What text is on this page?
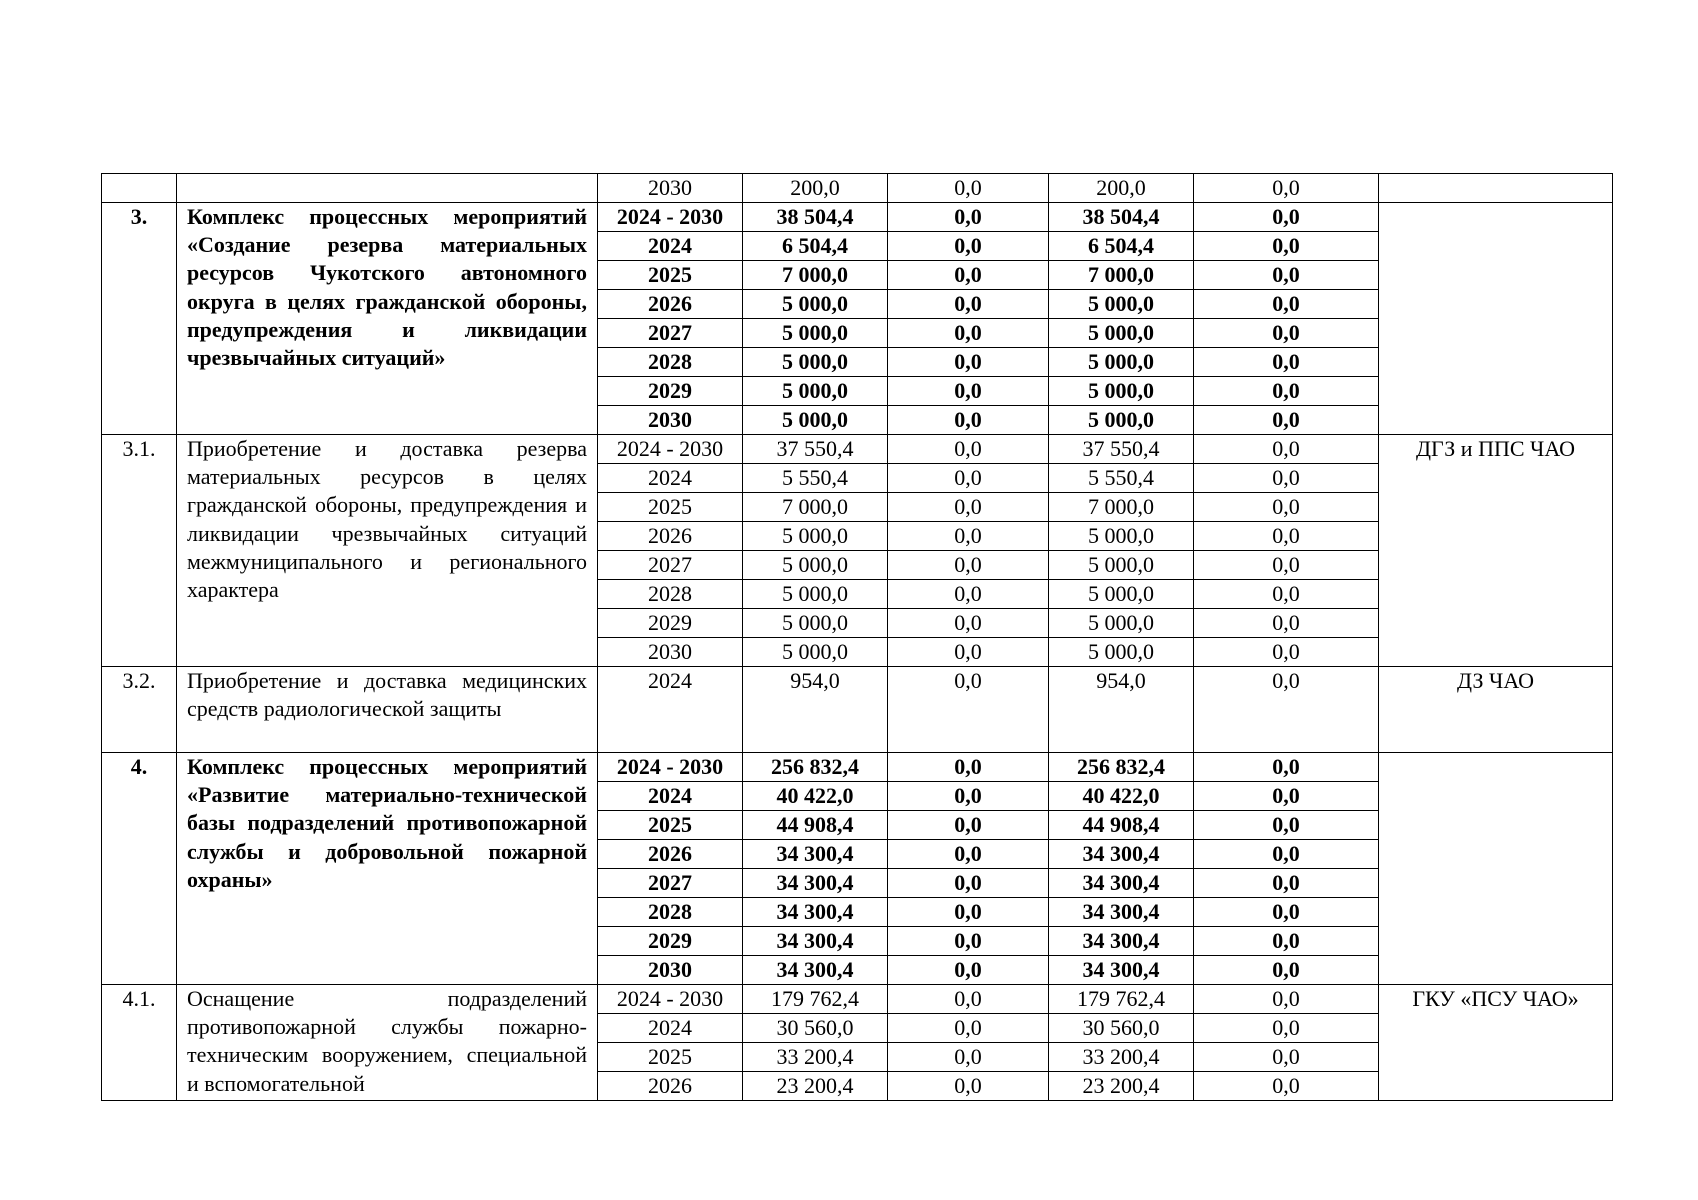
		2030	200,0	0,0	200,0	0,0	
3.	Комплекс процессных мероприятий «Создание резерва материальных ресурсов Чукотского автономного округа в целях гражданской обороны, предупреждения и ликвидации чрезвычайных ситуаций»	2024 - 2030	38 504,4	0,0	38 504,4	0,0	
		2024	6 504,4	0,0	6 504,4	0,0	
		2025	7 000,0	0,0	7 000,0	0,0	
		2026	5 000,0	0,0	5 000,0	0,0	
		2027	5 000,0	0,0	5 000,0	0,0	
		2028	5 000,0	0,0	5 000,0	0,0	
		2029	5 000,0	0,0	5 000,0	0,0	
		2030	5 000,0	0,0	5 000,0	0,0	
3.1.	Приобретение и доставка резерва материальных ресурсов в целях гражданской обороны, предупреждения и ликвидации чрезвычайных ситуаций межмуниципального и регионального характера	2024 - 2030	37 550,4	0,0	37 550,4	0,0	ДГЗ и ППС ЧАО
		2024	5 550,4	0,0	5 550,4	0,0	
		2025	7 000,0	0,0	7 000,0	0,0	
		2026	5 000,0	0,0	5 000,0	0,0	
		2027	5 000,0	0,0	5 000,0	0,0	
		2028	5 000,0	0,0	5 000,0	0,0	
		2029	5 000,0	0,0	5 000,0	0,0	
		2030	5 000,0	0,0	5 000,0	0,0	
3.2.	Приобретение и доставка медицинских средств радиологической защиты	2024	954,0	0,0	954,0	0,0	ДЗ ЧАО
4.	Комплекс процессных мероприятий «Развитие материально-технической базы подразделений противопожарной службы и добровольной пожарной охраны»	2024 - 2030	256 832,4	0,0	256 832,4	0,0	
		2024	40 422,0	0,0	40 422,0	0,0	
		2025	44 908,4	0,0	44 908,4	0,0	
		2026	34 300,4	0,0	34 300,4	0,0	
		2027	34 300,4	0,0	34 300,4	0,0	
		2028	34 300,4	0,0	34 300,4	0,0	
		2029	34 300,4	0,0	34 300,4	0,0	
		2030	34 300,4	0,0	34 300,4	0,0	
4.1.	Оснащение подразделений противопожарной службы пожарно-техническим вооружением, специальной и вспомогательной	2024 - 2030	179 762,4	0,0	179 762,4	0,0	ГКУ «ПСУ ЧАО»
		2024	30 560,0	0,0	30 560,0	0,0	
		2025	33 200,4	0,0	33 200,4	0,0	
		2026	23 200,4	0,0	23 200,4	0,0	
